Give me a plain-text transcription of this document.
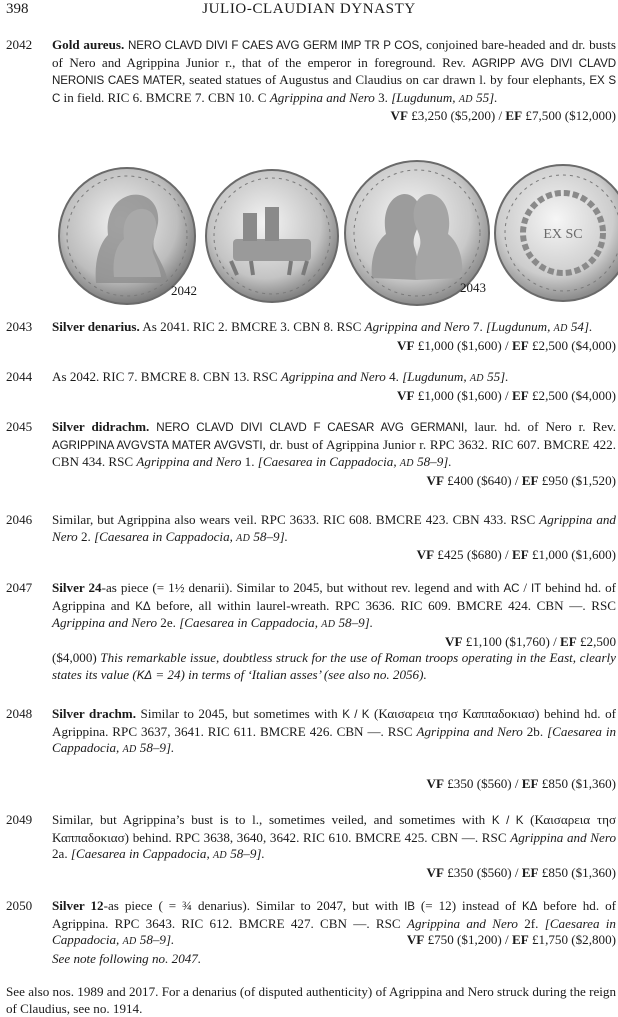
398	JULIO-CLAUDIAN DYNASTY
2042	Gold aureus. NERO CLAVD DIVI F CAES AVG GERM IMP TR P COS, conjoined bare-headed and dr. busts of Nero and Agrippina Junior r., that of the emperor in foreground. Rev. AGRIPP AVG DIVI CLAVD NERONIS CAES MATER, seated statues of Augustus and Claudius on car drawn l. by four elephants, EX S C in field. RIC 6. BMCRE 7. CBN 10. C Agrippina and Nero 3. [Lugdunum, AD 55].
VF £3,250 ($5,200) / EF £7,500 ($12,000)
EX SC
2042	2043
2043	Silver denarius. As 2041. RIC 2. BMCRE 3. CBN 8. RSC Agrippina and Nero 7. [Lugdunum, AD 54].
VF £1,000 ($1,600) / EF £2,500 ($4,000)
2044	As 2042. RIC 7. BMCRE 8. CBN 13. RSC Agrippina and Nero 4. [Lugdunum, AD 55].
VF £1,000 ($1,600) / EF £2,500 ($4,000)
2045	Silver didrachm. NERO CLAVD DIVI CLAVD F CAESAR AVG GERMANI, laur. hd. of Nero r. Rev. AGRIPPINA AVGVSTA MATER AVGVSTI, dr. bust of Agrippina Junior r. RPC 3632. RIC 607. BMCRE 422. CBN 434. RSC Agrippina and Nero 1. [Caesarea in Cappadocia, AD 58–9].
VF £400 ($640) / EF £950 ($1,520)
2046	Similar, but Agrippina also wears veil. RPC 3633. RIC 608. BMCRE 423. CBN 433. RSC Agrippina and Nero 2. [Caesarea in Cappadocia, AD 58–9].
VF £425 ($680) / EF £1,000 ($1,600)
2047	Silver 24-as piece (= 1½ denarii). Similar to 2045, but without rev. legend and with AC / IT behind hd. of Agrippina and KΔ before, all within laurel-wreath. RPC 3636. RIC 609. BMCRE 424. CBN —. RSC Agrippina and Nero 2e. [Caesarea in Cappadocia, AD 58–9].
VF £1,100 ($1,760) / EF £2,500
($4,000) This remarkable issue, doubtless struck for the use of Roman troops operating in the East, clearly states its value (KΔ = 24) in terms of ‘Italian asses’ (see also no. 2056).
2048	Silver drachm. Similar to 2045, but sometimes with K / K (Καισαρεια τησ Καππαδοκιασ) behind hd. of Agrippina. RPC 3637, 3641. RIC 611. BMCRE 426. CBN —. RSC Agrippina and Nero 2b. [Caesarea in Cappadocia, AD 58–9].
VF £350 ($560) / EF £850 ($1,360)
2049	Similar, but Agrippina’s bust is to l., sometimes veiled, and sometimes with K / K (Καισαρεια τησ Καππαδοκιασ) behind. RPC 3638, 3640, 3642. RIC 610. BMCRE 425. CBN —. RSC Agrippina and Nero 2a. [Caesarea in Cappadocia, AD 58–9].
VF £350 ($560) / EF £850 ($1,360)
2050	Silver 12-as piece ( = ¾ denarius). Similar to 2047, but with IB (= 12) instead of KΔ before hd. of Agrippina. RPC 3643. RIC 612. BMCRE 427. CBN —. RSC Agrippina and Nero 2f. [Caesarea in Cappadocia, AD 58–9].	VF £750 ($1,200) / EF £1,750 ($2,800)
See note following no. 2047.
See also nos. 1989 and 2017. For a denarius (of disputed authenticity) of Agrippina and Nero struck during the reign of Claudius, see no. 1914.
